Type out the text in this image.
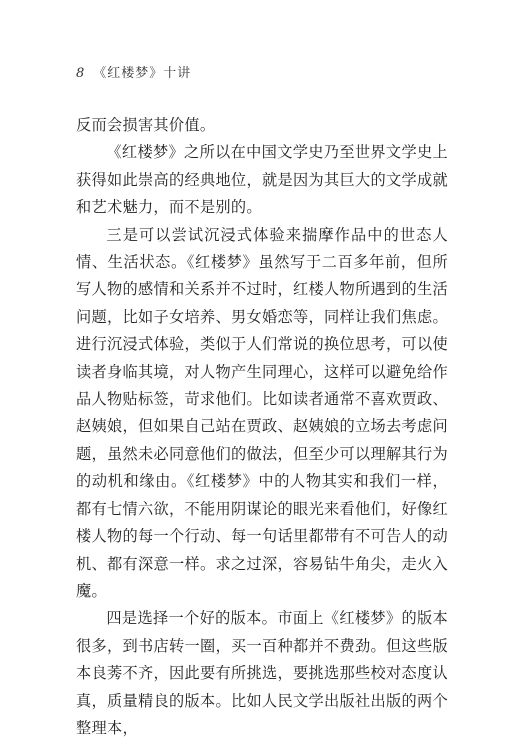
8 《红楼梦》十讲

反而会损害其价值。

《红楼梦》之所以在中国文学史乃至世界文学史上获得如此崇高的经典地位，就是因为其巨大的文学成就和艺术魅力，而不是别的。

三是可以尝试沉浸式体验来揣摩作品中的世态人情、生活状态。《红楼梦》虽然写于二百多年前，但所写人物的感情和关系并不过时，红楼人物所遇到的生活问题，比如子女培养、男女婚恋等，同样让我们焦虑。进行沉浸式体验，类似于人们常说的换位思考，可以使读者身临其境，对人物产生同理心，这样可以避免给作品人物贴标签，苛求他们。比如读者通常不喜欢贾政、赵姨娘，但如果自己站在贾政、赵姨娘的立场去考虑问题，虽然未必同意他们的做法，但至少可以理解其行为的动机和缘由。《红楼梦》中的人物其实和我们一样，都有七情六欲，不能用阴谋论的眼光来看他们，好像红楼人物的每一个行动、每一句话里都带有不可告人的动机、都有深意一样。求之过深，容易钻牛角尖，走火入魔。

四是选择一个好的版本。市面上《红楼梦》的版本很多，到书店转一圈，买一百种都并不费劲。但这些版本良莠不齐，因此要有所挑选，要挑选那些校对态度认真，质量精良的版本。比如人民文学出版社出版的两个整理本，
